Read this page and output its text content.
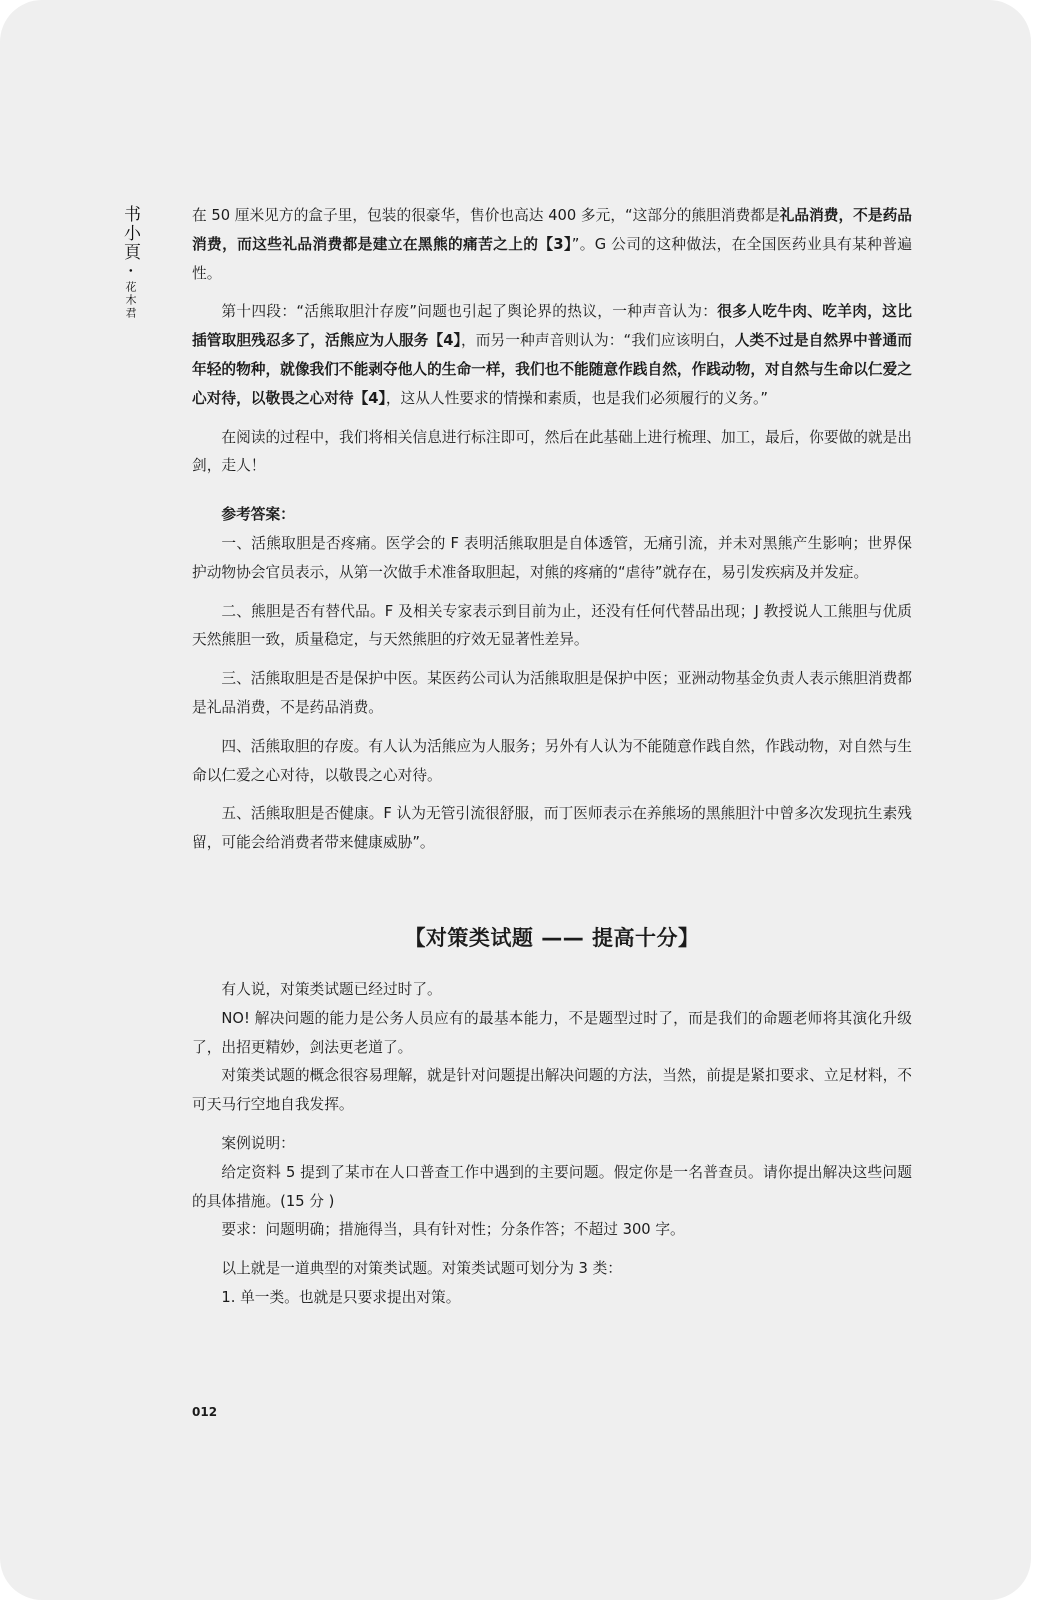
书小頁 · 花木君

在 50 厘米见方的盒子里，包装的很豪华，售价也高达 400 多元，“这部分的熊胆消费都是礼品消费，不是药品消费，而这些礼品消费都是建立在黑熊的痛苦之上的【3】”。G 公司的这种做法，在全国医药业具有某种普遍性。

第十四段：“活熊取胆汁存废”问题也引起了舆论界的热议，一种声音认为：很多人吃牛肉、吃羊肉，这比插管取胆残忍多了，活熊应为人服务【4】，而另一种声音则认为：“我们应该明白，人类不过是自然界中普通而年轻的物种，就像我们不能剥夺他人的生命一样，我们也不能随意作践自然，作践动物，对自然与生命以仁爱之心对待，以敬畏之心对待【4】，这从人性要求的情操和素质，也是我们必须履行的义务。”

在阅读的过程中，我们将相关信息进行标注即可，然后在此基础上进行梳理、加工，最后，你要做的就是出剑，走人！

参考答案：

一、活熊取胆是否疼痛。医学会的 F 表明活熊取胆是自体透管，无痛引流，并未对黑熊产生影响；世界保护动物协会官员表示，从第一次做手术准备取胆起，对熊的疼痛的“虐待”就存在，易引发疾病及并发症。

二、熊胆是否有替代品。F 及相关专家表示到目前为止，还没有任何代替品出现；J 教授说人工熊胆与优质天然熊胆一致，质量稳定，与天然熊胆的疗效无显著性差异。

三、活熊取胆是否是保护中医。某医药公司认为活熊取胆是保护中医；亚洲动物基金负责人表示熊胆消费都是礼品消费，不是药品消费。

四、活熊取胆的存废。有人认为活熊应为人服务；另外有人认为不能随意作践自然，作践动物，对自然与生命以仁爱之心对待，以敬畏之心对待。

五、活熊取胆是否健康。F 认为无管引流很舒服，而丁医师表示在养熊场的黑熊胆汁中曾多次发现抗生素残留，可能会给消费者带来健康威胁”。

【对策类试题 —— 提高十分】

有人说，对策类试题已经过时了。

NO! 解决问题的能力是公务人员应有的最基本能力，不是题型过时了，而是我们的命题老师将其演化升级了，出招更精妙，剑法更老道了。

对策类试题的概念很容易理解，就是针对问题提出解决问题的方法，当然，前提是紧扣要求、立足材料，不可天马行空地自我发挥。

案例说明：

给定资料 5 提到了某市在人口普查工作中遇到的主要问题。假定你是一名普查员。请你提出解决这些问题的具体措施。(15 分 )

要求：问题明确；措施得当，具有针对性；分条作答；不超过 300 字。

以上就是一道典型的对策类试题。对策类试题可划分为 3 类：

1. 单一类。也就是只要求提出对策。

012
